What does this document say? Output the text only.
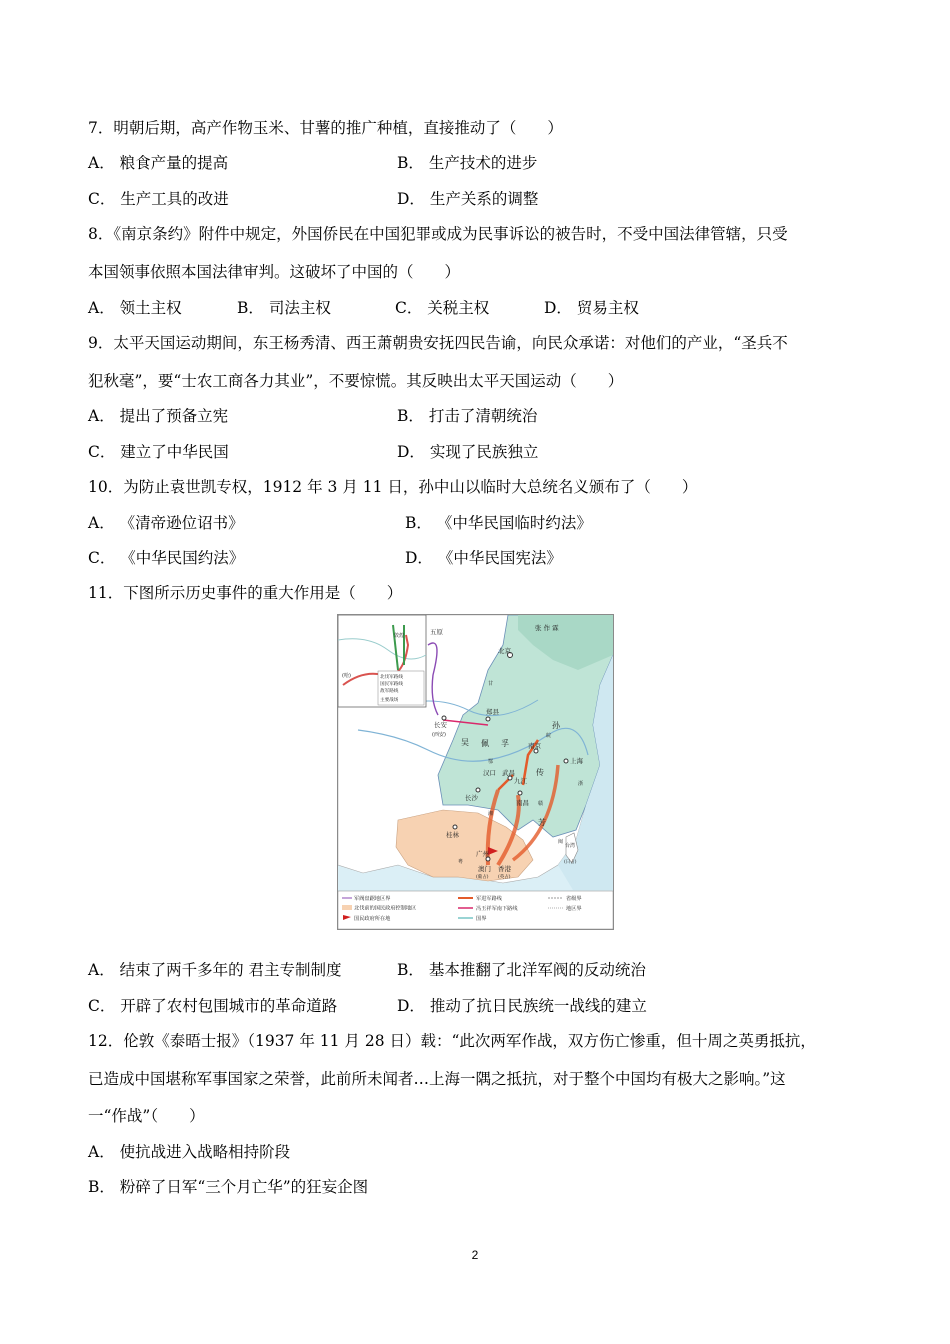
7．明朝后期，高产作物玉米、甘薯的推广种植，直接推动了（　　）
A． 粮食产量的提高	B． 生产技术的进步
C． 生产工具的改进	D． 生产关系的调整
8．《南京条约》附件中规定，外国侨民在中国犯罪或成为民事诉讼的被告时，不受中国法律管辖，只受
本国领事依照本国法律审判。这破坏了中国的（　　）
A． 领土主权	B． 司法主权	C． 关税主权	D． 贸易主权
9．太平天国运动期间，东王杨秀清、西王萧朝贵安抚四民告谕，向民众承诺：对他们的产业，“圣兵不
犯秋毫”，要“士农工商各力其业”，不要惊慌。其反映出太平天国运动（　　）
A． 提出了预备立宪	B． 打击了清朝统治
C． 建立了中华民国	D． 实现了民族独立
10．为防止袁世凯专权，1912 年 3 月 11 日，孙中山以临时大总统名义颁布了（　　）
A． 《清帝逊位诏书》	B． 《中华民国临时约法》
C． 《中华民国约法》	D． 《中华民国宪法》
11．下图所示历史事件的重大作用是（　　）
军阀盘踞地区界
北伐前的国民政府控制地区
国民政府所在地
军进军路线
冯玉祥军南下路线
国界
省级界
地区界
北伐军路线
国民军路线
敌军路线
主要战场
五原	张 作 霖
北京
郑县
长安
(西安)
吴 佩 孚
孙
南京
上海
传
芳
汉口 武昌
九江
长沙
南昌
桂林
广州
澳门 香港
(葡占) (英占)
台湾
(日占)
敦煌
(哈)
甘
湘
赣
浙
皖
鄂
闽
粤
A． 结束了两千多年的 君主专制制度	B． 基本推翻了北洋军阀的反动统治
C． 开辟了农村包围城市的革命道路	D． 推动了抗日民族统一战线的建立
12．伦敦《泰晤士报》（1937 年 11 月 28 日）载：“此次两军作战，双方伤亡惨重，但十周之英勇抵抗，
已造成中国堪称军事国家之荣誉，此前所未闻者…上海一隅之抵抗，对于整个中国均有极大之影响。”这
一“作战”（　　）
A． 使抗战进入战略相持阶段
B． 粉碎了日军“三个月亡华”的狂妄企图
2
